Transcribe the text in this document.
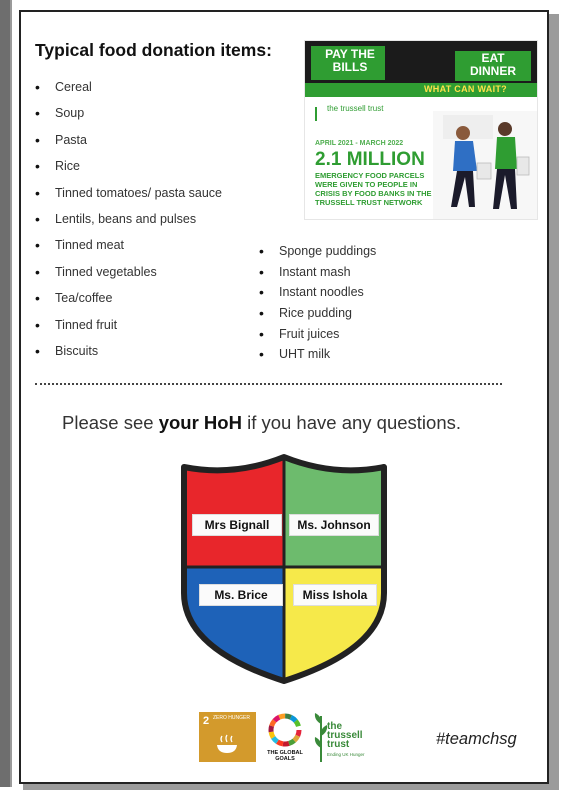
Typical food donation items:
• Cereal
• Soup
• Pasta
• Rice
• Tinned tomatoes/ pasta sauce
• Lentils, beans and pulses
• Tinned meat
• Tinned vegetables
• Tea/coffee
• Tinned fruit
• Biscuits
• Sponge puddings
• Instant mash
• Instant noodles
• Rice pudding
• Fruit juices
• UHT milk
PAY THE BILLS
EAT DINNER
WHAT CAN WAIT?
the trussell trust
APRIL 2021 - MARCH 2022
2.1 MILLION
EMERGENCY FOOD PARCELS WERE GIVEN TO PEOPLE IN CRISIS BY FOOD BANKS IN THE TRUSSELL TRUST NETWORK

Please see your HoH if you have any questions.

Mrs Bignall	Ms. Johnson
Ms. Brice	Miss Ishola
2 ZERO HUNGER
THE GLOBAL GOALS
the trussell trust
Ending UK Hunger
#teamchsg
